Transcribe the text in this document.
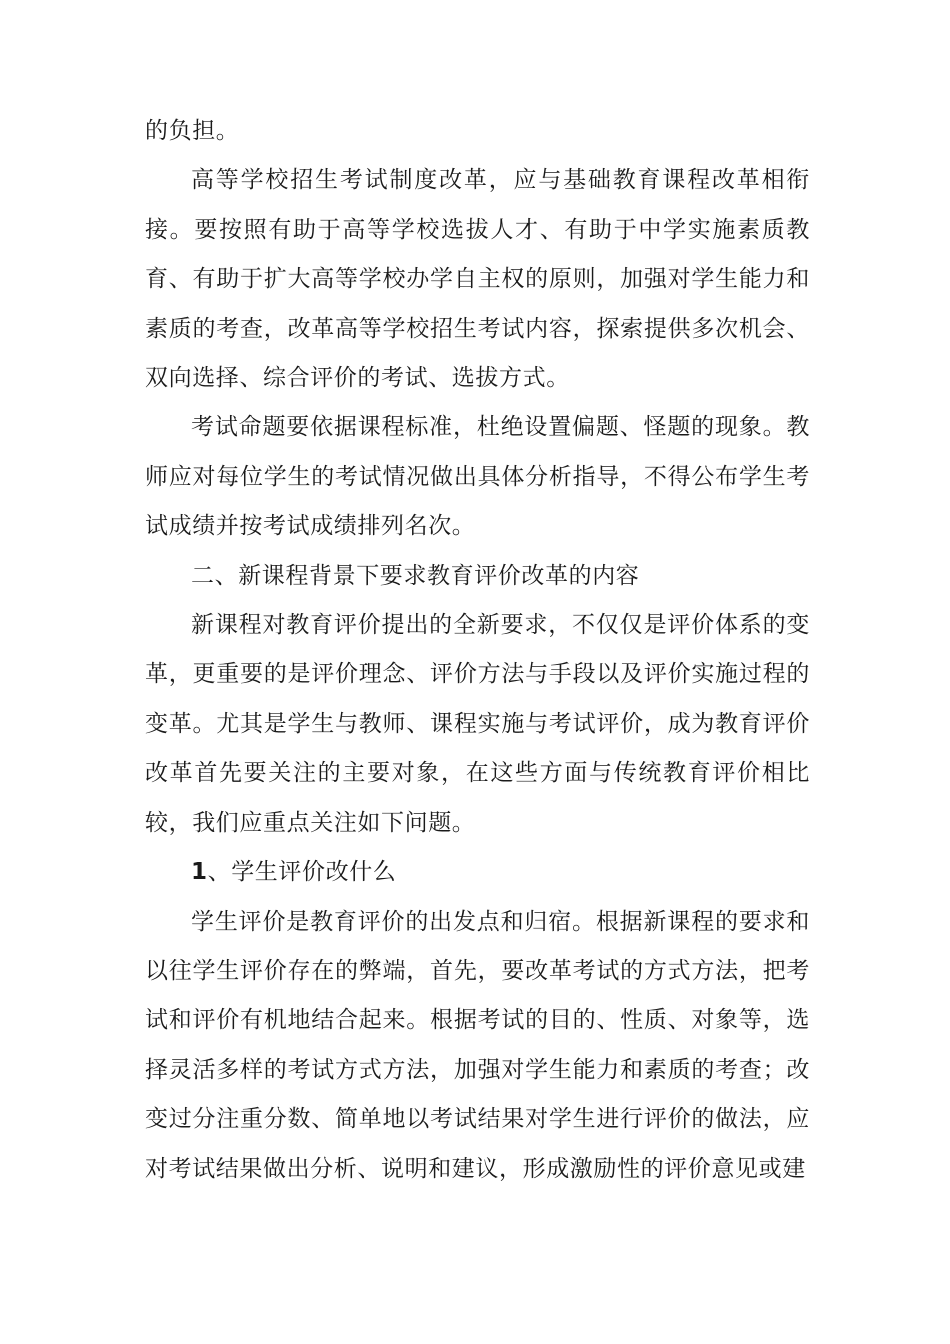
的负担。

高等学校招生考试制度改革，应与基础教育课程改革相衔接。要按照有助于高等学校选拔人才、有助于中学实施素质教育、有助于扩大高等学校办学自主权的原则，加强对学生能力和素质的考查，改革高等学校招生考试内容，探索提供多次机会、双向选择、综合评价的考试、选拔方式。

考试命题要依据课程标准，杜绝设置偏题、怪题的现象。教师应对每位学生的考试情况做出具体分析指导，不得公布学生考试成绩并按考试成绩排列名次。

二、新课程背景下要求教育评价改革的内容

新课程对教育评价提出的全新要求，不仅仅是评价体系的变革，更重要的是评价理念、评价方法与手段以及评价实施过程的变革。尤其是学生与教师、课程实施与考试评价，成为教育评价改革首先要关注的主要对象，在这些方面与传统教育评价相比较，我们应重点关注如下问题。

1、学生评价改什么

学生评价是教育评价的出发点和归宿。根据新课程的要求和以往学生评价存在的弊端，首先，要改革考试的方式方法，把考试和评价有机地结合起来。根据考试的目的、性质、对象等，选择灵活多样的考试方式方法，加强对学生能力和素质的考查；改变过分注重分数、简单地以考试结果对学生进行评价的做法，应对考试结果做出分析、说明和建议，形成激励性的评价意见或建
